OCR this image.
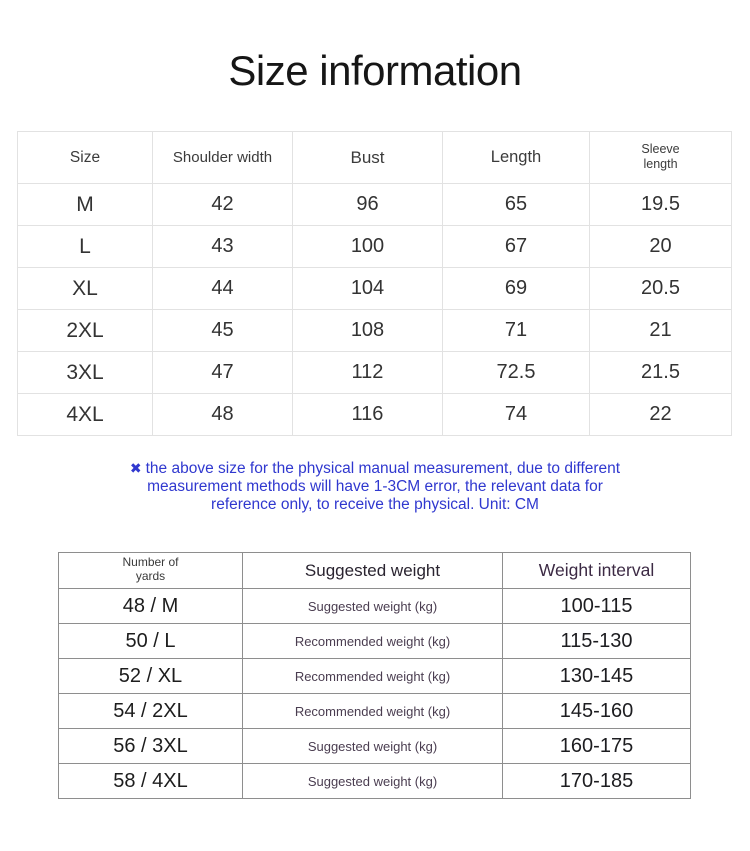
Size information
Size	Shoulder width	Bust	Length	Sleeve length
M	42	96	65	19.5
L	43	100	67	20
XL	44	104	69	20.5
2XL	45	108	71	21
3XL	47	112	72.5	21.5
4XL	48	116	74	22
✖ the above size for the physical manual measurement, due to different
measurement methods will have 1-3CM error, the relevant data for
reference only, to receive the physical. Unit: CM
Number of yards	Suggested weight	Weight interval
48 / M	Suggested weight (kg)	100-115
50 / L	Recommended weight (kg)	115-130
52 / XL	Recommended weight (kg)	130-145
54 / 2XL	Recommended weight (kg)	145-160
56 / 3XL	Suggested weight (kg)	160-175
58 / 4XL	Suggested weight (kg)	170-185
